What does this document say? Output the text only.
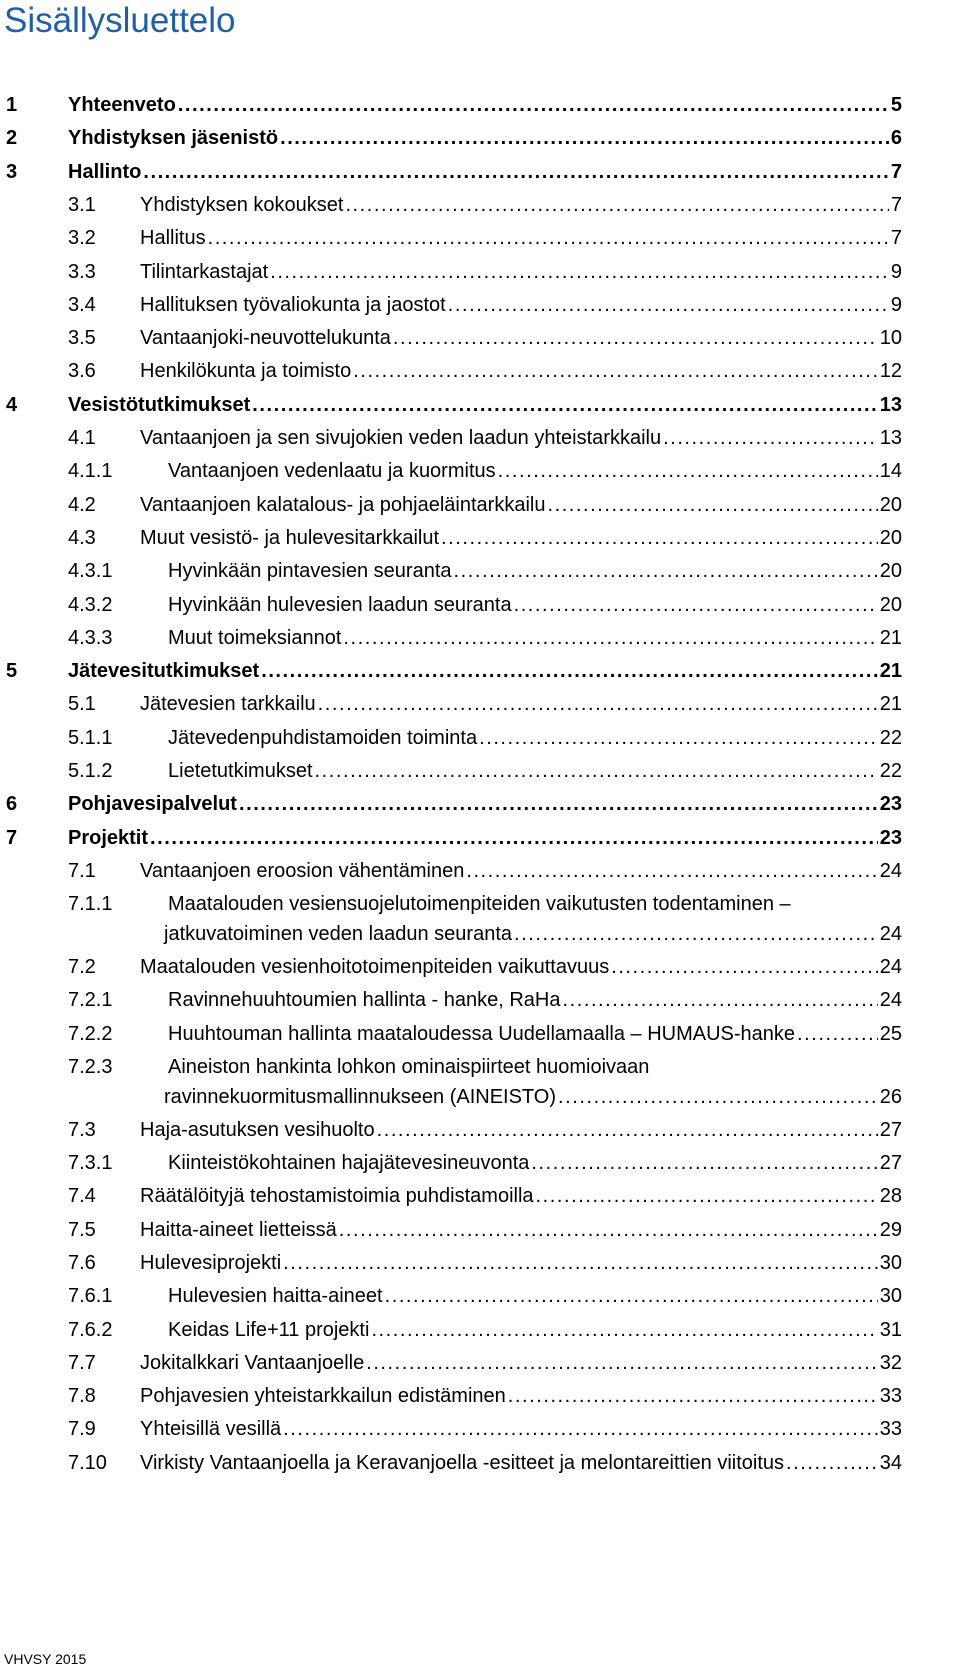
Sisällysluettelo
1	Yhteenveto . . .	5
2	Yhdistyksen jäsenistö . . .	6
3	Hallinto . . .	7
3.1 Yhdistyksen kokoukset . . .	7
3.2 Hallitus . . .	7
3.3 Tilintarkastajat . . .	9
3.4 Hallituksen työvaliokunta ja jaostot . . .	9
3.5 Vantaanjoki-neuvottelukunta . . .	10
3.6 Henkilökunta ja toimisto . . .	12
4	Vesistötutkimukset . . .	13
4.1 Vantaanjoen ja sen sivujokien veden laadun yhteistarkkailu . . .	13
4.1.1	Vantaanjoen vedenlaatu ja kuormitus . . .	14
4.2 Vantaanjoen kalatalous- ja pohjaeläintarkkailu . . .	20
4.3 Muut vesistö- ja hulevesitarkkailut . . .	20
4.3.1	Hyvinkään pintavesien seuranta . . .	20
4.3.2	Hyvinkään hulevesien laadun seuranta . . .	20
4.3.3	Muut toimeksiannot . . .	21
5	Jätevesitutkimukset . . .	21
5.1 Jätevesien tarkkailu . . .	21
5.1.1	Jätevedenpuhdistamoiden toiminta . . .	22
5.1.2	Lietetutkimukset . . .	22
6	Pohjavesipalvelut . . .	23
7	Projektit . . .	23
7.1 Vantaanjoen eroosion vähentäminen . . .	24
7.1.1	Maatalouden vesiensuojelutoimenpiteiden vaikutusten todentaminen –
jatkuvatoiminen veden laadun seuranta . . .	24
7.2 Maatalouden vesienhoitotoimenpiteiden vaikuttavuus . . .	24
7.2.1	Ravinnehuuhtoumien hallinta - hanke, RaHa . . .	24
7.2.2	Huuhtouman hallinta maataloudessa Uudellamaalla – HUMAUS-hanke . . .	25
7.2.3	Aineiston hankinta lohkon ominaispiirteet huomioivaan
ravinnekuormitusmallinnukseen (AINEISTO) . . .	26
7.3 Haja-asutuksen vesihuolto . . .	27
7.3.1	Kiinteistökohtainen hajajätevesineuvonta . . .	27
7.4 Räätälöityjä tehostamistoimia puhdistamoilla . . .	28
7.5 Haitta-aineet lietteissä . . .	29
7.6 Hulevesiprojekti . . .	30
7.6.1	Hulevesien haitta-aineet . . .	30
7.6.2	Keidas Life+11 projekti . . .	31
7.7 Jokitalkkari Vantaanjoelle . . .	32
7.8 Pohjavesien yhteistarkkailun edistäminen . . .	33
7.9 Yhteisillä vesillä . . .	33
7.10 Virkisty Vantaanjoella ja Keravanjoella -esitteet ja melontareittien viitoitus . . .	34
VHVSY 2015
